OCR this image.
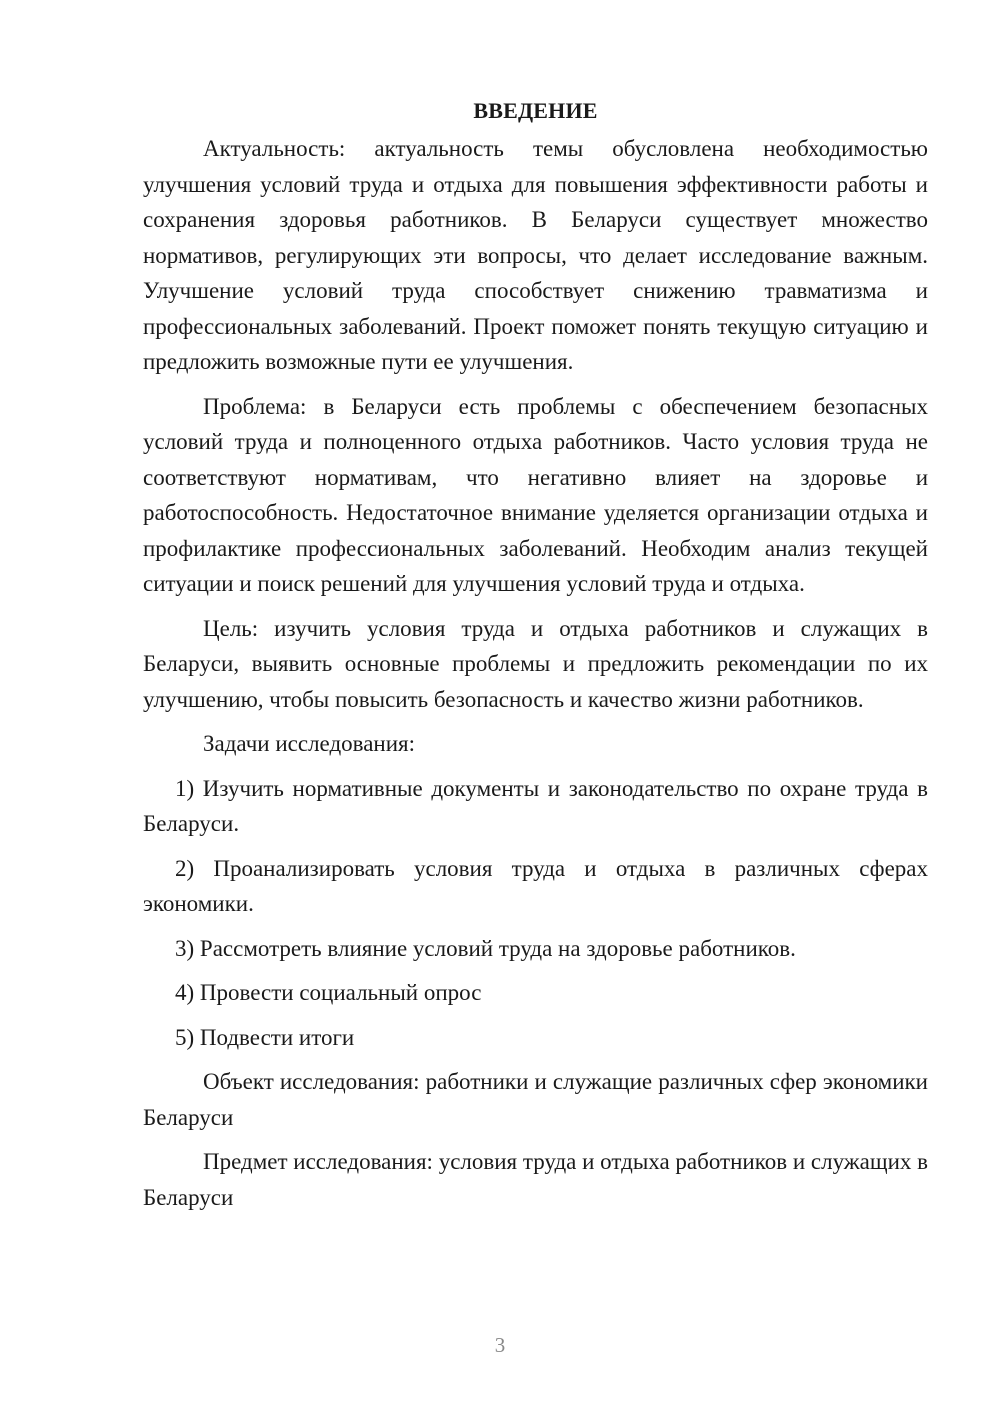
ВВЕДЕНИЕ

Актуальность: актуальность темы обусловлена необходимостью улучшения условий труда и отдыха для повышения эффективности работы и сохранения здоровья работников. В Беларуси существует множество нормативов, регулирующих эти вопросы, что делает исследование важным. Улучшение условий труда способствует снижению травматизма и профессиональных заболеваний. Проект поможет понять текущую ситуацию и предложить возможные пути ее улучшения.

Проблема: в Беларуси есть проблемы с обеспечением безопасных условий труда и полноценного отдыха работников. Часто условия труда не соответствуют нормативам, что негативно влияет на здоровье и работоспособность. Недостаточное внимание уделяется организации отдыха и профилактике профессиональных заболеваний. Необходим анализ текущей ситуации и поиск решений для улучшения условий труда и отдыха.

Цель: изучить условия труда и отдыха работников и служащих в Беларуси, выявить основные проблемы и предложить рекомендации по их улучшению, чтобы повысить безопасность и качество жизни работников.

Задачи исследования:

1) Изучить нормативные документы и законодательство по охране труда в Беларуси.

2) Проанализировать условия труда и отдыха в различных сферах экономики.

3) Рассмотреть влияние условий труда на здоровье работников.

4) Провести социальный опрос

5) Подвести итоги

Объект исследования: работники и служащие различных сфер экономики Беларуси

Предмет исследования: условия труда и отдыха работников и служащих в Беларуси

3
